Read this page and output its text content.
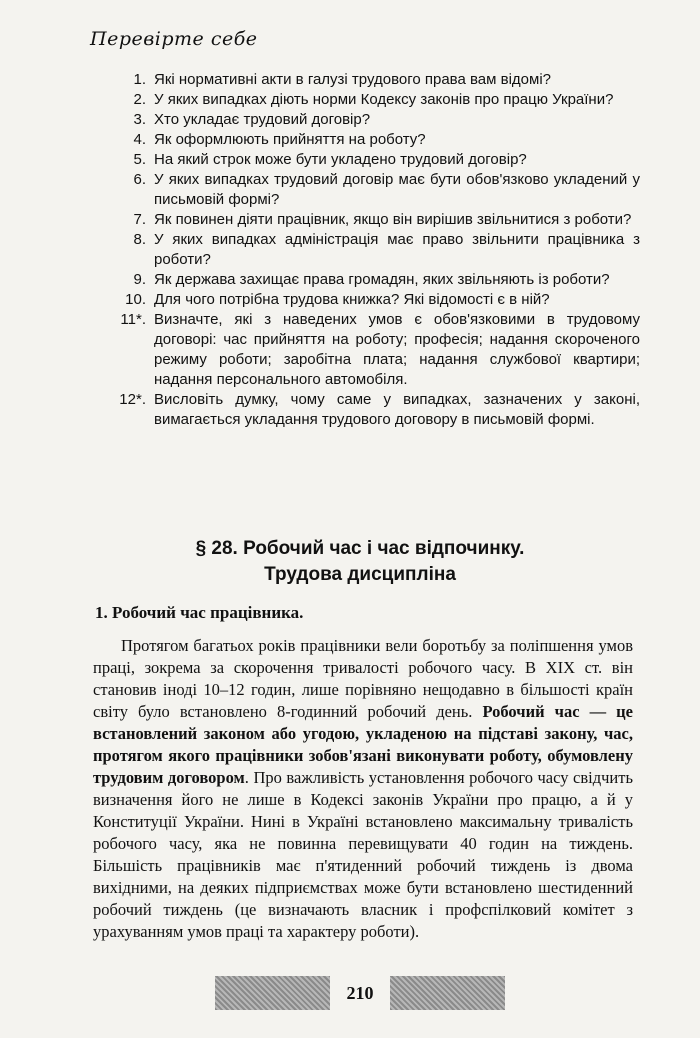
Перевірте себе
1. Які нормативні акти в галузі трудового права вам відомі?
2. У яких випадках діють норми Кодексу законів про працю України?
3. Хто укладає трудовий договір?
4. Як оформлюють прийняття на роботу?
5. На який строк може бути укладено трудовий договір?
6. У яких випадках трудовий договір має бути обов'язково укладений у письмовій формі?
7. Як повинен діяти працівник, якщо він вирішив звільнитися з роботи?
8. У яких випадках адміністрація має право звільнити працівника з роботи?
9. Як держава захищає права громадян, яких звільняють із роботи?
10. Для чого потрібна трудова книжка? Які відомості є в ній?
11*. Визначте, які з наведених умов є обов'язковими в трудовому договорі: час прийняття на роботу; професія; надання скороченого режиму роботи; заробітна плата; надання службової квартири; надання персонального автомобіля.
12*. Висловіть думку, чому саме у випадках, зазначених у законі, вимагається укладання трудового договору в письмовій формі.
§ 28. Робочий час і час відпочинку.
Трудова дисципліна
1. Робочий час працівника.

Протягом багатьох років працівники вели боротьбу за поліпшення умов праці, зокрема за скорочення тривалості робочого часу. В XIX ст. він становив іноді 10–12 годин, лише порівняно нещодавно в більшості країн світу було встановлено 8-годинний робочий день. Робочий час — це встановлений законом або угодою, укладеною на підставі закону, час, протягом якого працівники зобов'язані виконувати роботу, обумовлену трудовим договором. Про важливість установлення робочого часу свідчить визначення його не лише в Кодексі законів України про працю, а й у Конституції України. Нині в Україні встановлено максимальну тривалість робочого часу, яка не повинна перевищувати 40 годин на тиждень. Більшість працівників має п'ятиденний робочий тиждень із двома вихідними, на деяких підприємствах може бути встановлено шестиденний робочий тиждень (це визначають власник і профспілковий комітет з урахуванням умов праці та характеру роботи).

210
